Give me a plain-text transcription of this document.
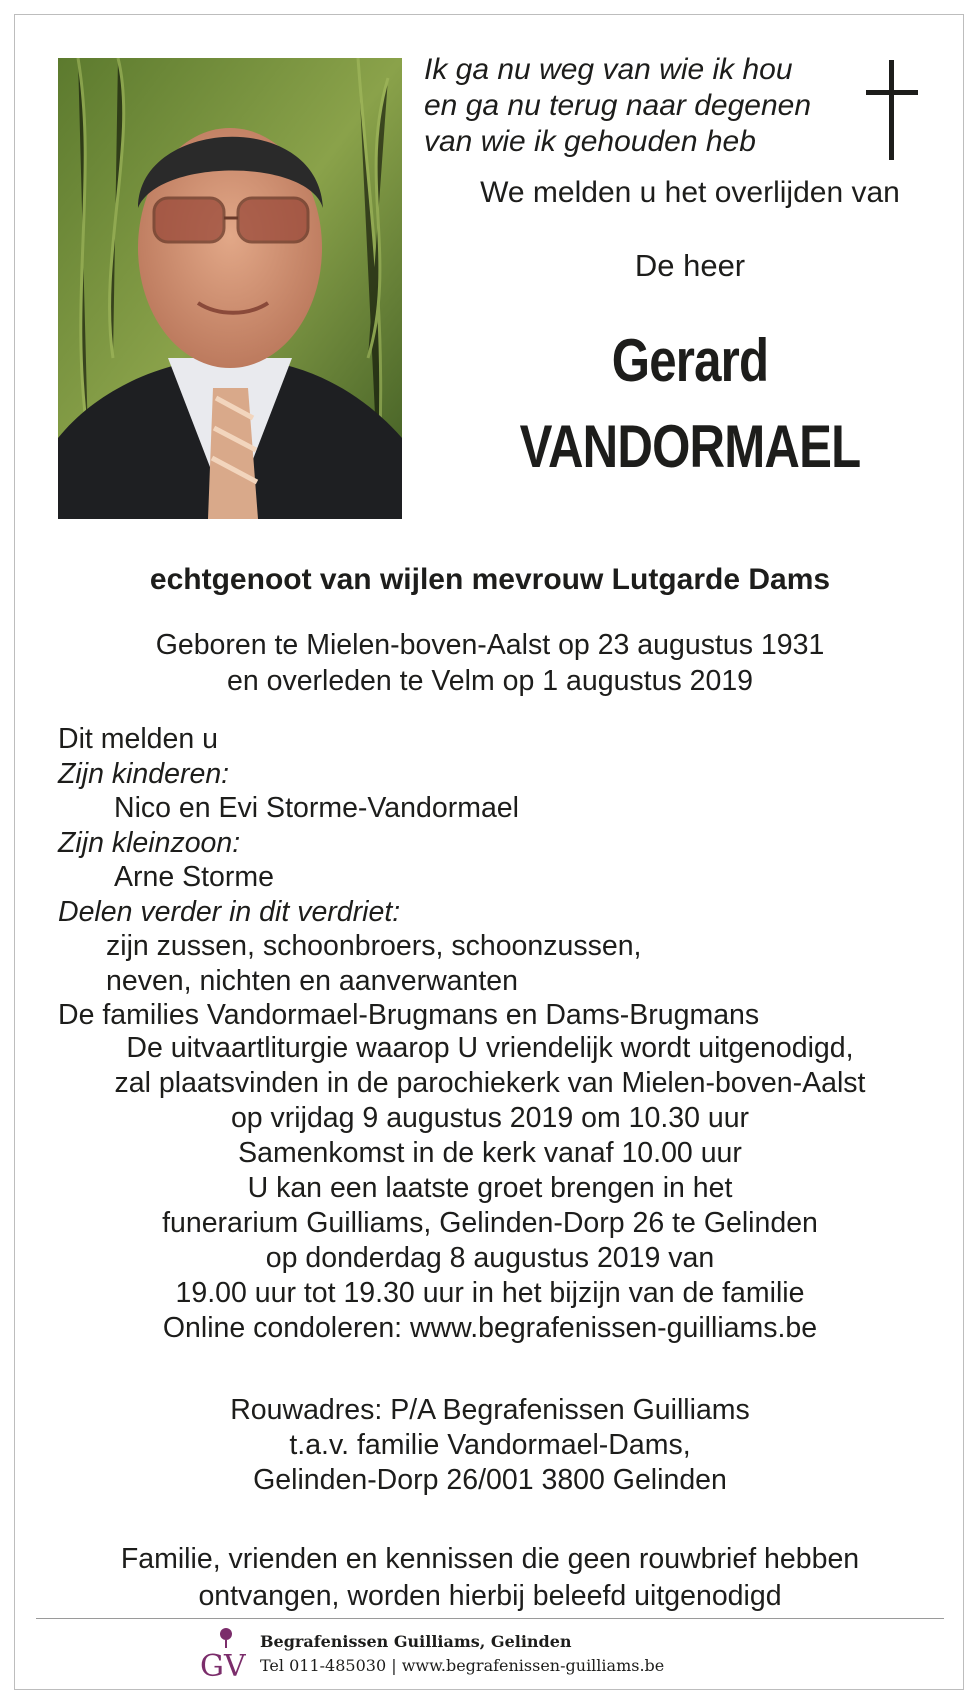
Ik ga nu weg van wie ik hou
en ga nu terug naar degenen
van wie ik gehouden heb
We melden u het overlijden van
De heer
Gerard
VANDORMAEL
echtgenoot van wijlen mevrouw Lutgarde Dams
Geboren te Mielen-boven-Aalst op 23 augustus 1931
en overleden te Velm op 1 augustus 2019
Dit melden u
Zijn kinderen:
Nico en Evi Storme-Vandormael
Zijn kleinzoon:
Arne Storme
Delen verder in dit verdriet:
zijn zussen, schoonbroers, schoonzussen,
neven, nichten en aanverwanten
De families Vandormael-Brugmans en Dams-Brugmans
De uitvaartliturgie waarop U vriendelijk wordt uitgenodigd,
zal plaatsvinden in de parochiekerk van Mielen-boven-Aalst
op vrijdag 9 augustus 2019 om 10.30 uur
Samenkomst in de kerk vanaf 10.00 uur
U kan een laatste groet brengen in het
funerarium Guilliams, Gelinden-Dorp 26 te Gelinden
op donderdag 8 augustus 2019 van
19.00 uur tot 19.30 uur in het bijzijn van de familie
Online condoleren: www.begrafenissen-guilliams.be
Rouwadres: P/A Begrafenissen Guilliams
t.a.v. familie Vandormael-Dams,
Gelinden-Dorp 26/001 3800 Gelinden
Familie, vrienden en kennissen die geen rouwbrief hebben
ontvangen, worden hierbij beleefd uitgenodigd
GV
Begrafenissen Guilliams, Gelinden
Tel 011-485030 | www.begrafenissen-guilliams.be
